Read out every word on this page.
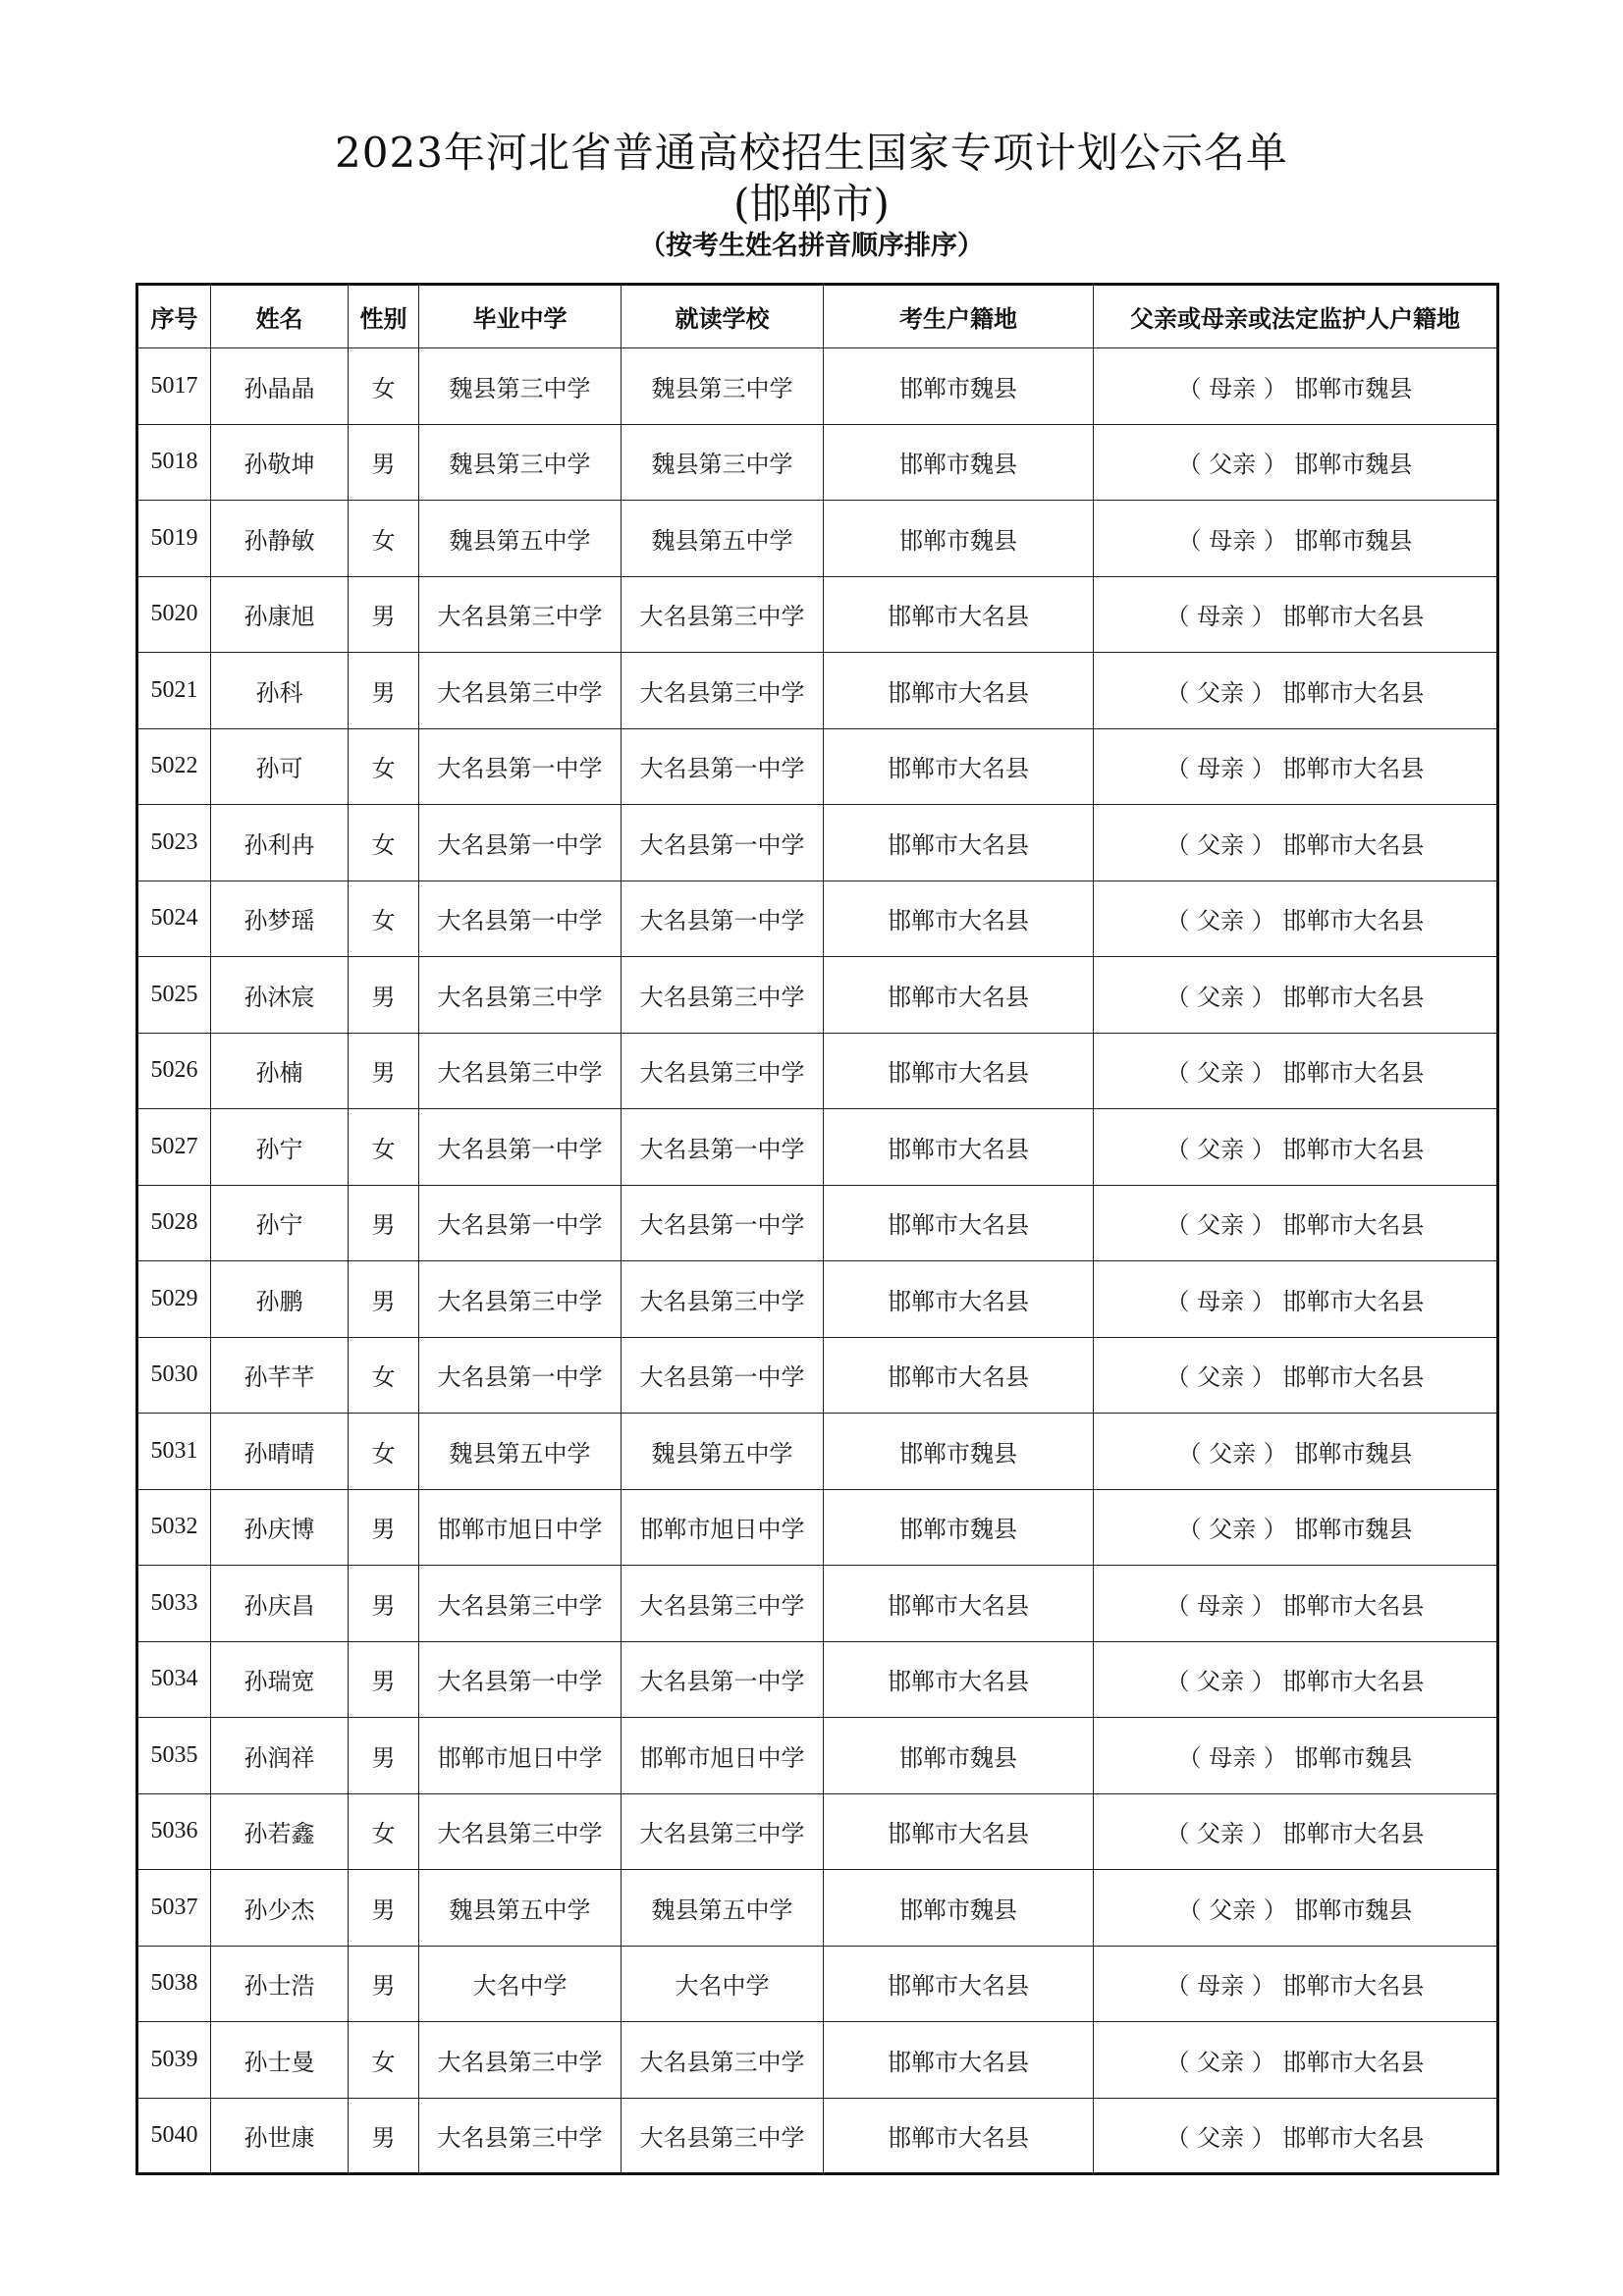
2023年河北省普通高校招生国家专项计划公示名单
(邯郸市)
（按考生姓名拼音顺序排序）
序号	姓名	性别	毕业中学	就读学校	考生户籍地	父亲或母亲或法定监护人户籍地
5017	孙晶晶	女	魏县第三中学	魏县第三中学	邯郸市魏县	（ 母亲 ） 邯郸市魏县
5018	孙敬坤	男	魏县第三中学	魏县第三中学	邯郸市魏县	（ 父亲 ） 邯郸市魏县
5019	孙静敏	女	魏县第五中学	魏县第五中学	邯郸市魏县	（ 母亲 ） 邯郸市魏县
5020	孙康旭	男	大名县第三中学	大名县第三中学	邯郸市大名县	（ 母亲 ） 邯郸市大名县
5021	孙科	男	大名县第三中学	大名县第三中学	邯郸市大名县	（ 父亲 ） 邯郸市大名县
5022	孙可	女	大名县第一中学	大名县第一中学	邯郸市大名县	（ 母亲 ） 邯郸市大名县
5023	孙利冉	女	大名县第一中学	大名县第一中学	邯郸市大名县	（ 父亲 ） 邯郸市大名县
5024	孙梦瑶	女	大名县第一中学	大名县第一中学	邯郸市大名县	（ 父亲 ） 邯郸市大名县
5025	孙沐宸	男	大名县第三中学	大名县第三中学	邯郸市大名县	（ 父亲 ） 邯郸市大名县
5026	孙楠	男	大名县第三中学	大名县第三中学	邯郸市大名县	（ 父亲 ） 邯郸市大名县
5027	孙宁	女	大名县第一中学	大名县第一中学	邯郸市大名县	（ 父亲 ） 邯郸市大名县
5028	孙宁	男	大名县第一中学	大名县第一中学	邯郸市大名县	（ 父亲 ） 邯郸市大名县
5029	孙鹏	男	大名县第三中学	大名县第三中学	邯郸市大名县	（ 母亲 ） 邯郸市大名县
5030	孙芊芊	女	大名县第一中学	大名县第一中学	邯郸市大名县	（ 父亲 ） 邯郸市大名县
5031	孙晴晴	女	魏县第五中学	魏县第五中学	邯郸市魏县	（ 父亲 ） 邯郸市魏县
5032	孙庆博	男	邯郸市旭日中学	邯郸市旭日中学	邯郸市魏县	（ 父亲 ） 邯郸市魏县
5033	孙庆昌	男	大名县第三中学	大名县第三中学	邯郸市大名县	（ 母亲 ） 邯郸市大名县
5034	孙瑞宽	男	大名县第一中学	大名县第一中学	邯郸市大名县	（ 父亲 ） 邯郸市大名县
5035	孙润祥	男	邯郸市旭日中学	邯郸市旭日中学	邯郸市魏县	（ 母亲 ） 邯郸市魏县
5036	孙若鑫	女	大名县第三中学	大名县第三中学	邯郸市大名县	（ 父亲 ） 邯郸市大名县
5037	孙少杰	男	魏县第五中学	魏县第五中学	邯郸市魏县	（ 父亲 ） 邯郸市魏县
5038	孙士浩	男	大名中学	大名中学	邯郸市大名县	（ 母亲 ） 邯郸市大名县
5039	孙士曼	女	大名县第三中学	大名县第三中学	邯郸市大名县	（ 父亲 ） 邯郸市大名县
5040	孙世康	男	大名县第三中学	大名县第三中学	邯郸市大名县	（ 父亲 ） 邯郸市大名县
